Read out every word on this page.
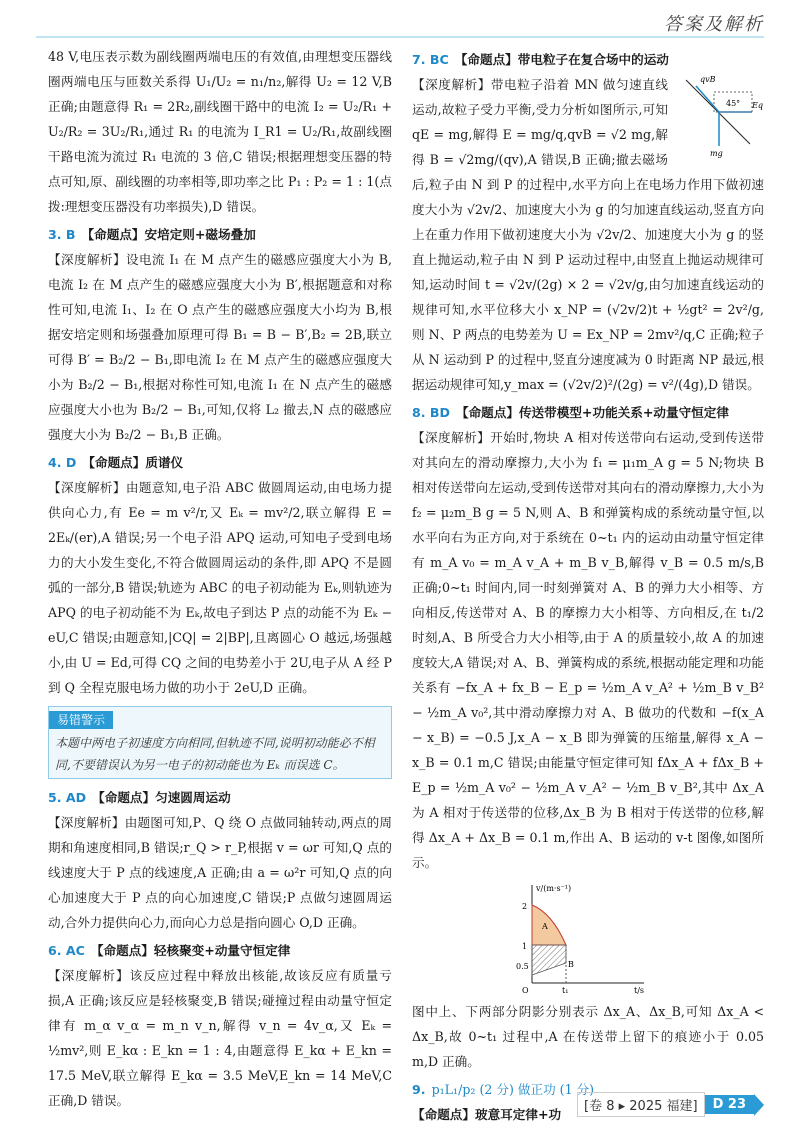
答案及解析

48 V,电压表示数为副线圈两端电压的有效值,由理想变压器线圈两端电压与匝数关系得 U₁/U₂ = n₁/n₂,解得 U₂ = 12 V,B 正确;由题意得 R₁ = 2R₂,副线圈干路中的电流 I₂ = U₂/R₁ + U₂/R₂ = 3U₂/R₁,通过 R₁ 的电流为 I_R1 = U₂/R₁,故副线圈干路电流为流过 R₁ 电流的 3 倍,C 错误;根据理想变压器的特点可知,原、副线圈的功率相等,即功率之比 P₁ : P₂ = 1 : 1(点拨:理想变压器没有功率损失),D 错误。

3. B 【命题点】安培定则+磁场叠加

【深度解析】设电流 I₁ 在 M 点产生的磁感应强度大小为 B,电流 I₂ 在 M 点产生的磁感应强度大小为 B′,根据题意和对称性可知,电流 I₁、I₂ 在 O 点产生的磁感应强度大小均为 B,根据安培定则和场强叠加原理可得 B₁ = B − B′,B₂ = 2B,联立可得 B′ = B₂/2 − B₁,即电流 I₂ 在 M 点产生的磁感应强度大小为 B₂/2 − B₁,根据对称性可知,电流 I₁ 在 N 点产生的磁感应强度大小也为 B₂/2 − B₁,可知,仅将 L₂ 撤去,N 点的磁感应强度大小为 B₂/2 − B₁,B 正确。

4. D 【命题点】质谱仪

【深度解析】由题意知,电子沿 ABC 做圆周运动,由电场力提供向心力,有 Ee = m v²/r,又 Eₖ = mv²/2,联立解得 E = 2Eₖ/(er),A 错误;另一个电子沿 APQ 运动,可知电子受到电场力的大小发生变化,不符合做圆周运动的条件,即 APQ 不是圆弧的一部分,B 错误;轨迹为 ABC 的电子初动能为 Eₖ,则轨迹为 APQ 的电子初动能不为 Eₖ,故电子到达 P 点的动能不为 Eₖ − eU,C 错误;由题意知,|CQ| = 2|BP|,且离圆心 O 越远,场强越小,由 U = Ed,可得 CQ 之间的电势差小于 2U,电子从 A 经 P 到 Q 全程克服电场力做的功小于 2eU,D 正确。

易错警示
本题中两电子初速度方向相同,但轨迹不同,说明初动能必不相同,不要错误认为另一电子的初动能也为 Eₖ 而误选 C。
5. AD 【命题点】匀速圆周运动

【深度解析】由题图可知,P、Q 绕 O 点做同轴转动,两点的周期和角速度相同,B 错误;r_Q > r_P,根据 v = ωr 可知,Q 点的线速度大于 P 点的线速度,A 正确;由 a = ω²r 可知,Q 点的向心加速度大于 P 点的向心加速度,C 错误;P 点做匀速圆周运动,合外力提供向心力,而向心力总是指向圆心 O,D 正确。

6. AC 【命题点】轻核聚变+动量守恒定律

【深度解析】该反应过程中释放出核能,故该反应有质量亏损,A 正确;该反应是轻核聚变,B 错误;碰撞过程由动量守恒定律有 m_α v_α = m_n v_n,解得 v_n = 4v_α,又 Eₖ = ½mv²,则 E_kα : E_kn = 1 : 4,由题意得 E_kα + E_kn = 17.5 MeV,联立解得 E_kα = 3.5 MeV,E_kn = 14 MeV,C 正确,D 错误。

7. BC 【命题点】带电粒子在复合场中的运动
qvB
45° Eq
mg

【深度解析】带电粒子沿着 MN 做匀速直线运动,故粒子受力平衡,受力分析如图所示,可知 qE = mg,解得 E = mg/q,qvB = √2 mg,解得 B = √2mg/(qv),A 错误,B 正确;撤去磁场后,粒子由 N 到 P 的过程中,水平方向上在电场力作用下做初速度大小为 √2v/2、加速度大小为 g 的匀加速直线运动,竖直方向上在重力作用下做初速度大小为 √2v/2、加速度大小为 g 的竖直上抛运动,粒子由 N 到 P 运动过程中,由竖直上抛运动规律可知,运动时间 t = √2v/(2g) × 2 = √2v/g,由匀加速直线运动的规律可知,水平位移大小 x_NP = (√2v/2)t + ½gt² = 2v²/g,则 N、P 两点的电势差为 U = Ex_NP = 2mv²/q,C 正确;粒子从 N 运动到 P 的过程中,竖直分速度减为 0 时距离 NP 最远,根据运动规律可知,y_max = (√2v/2)²/(2g) = v²/(4g),D 错误。

8. BD 【命题点】传送带模型+功能关系+动量守恒定律

【深度解析】开始时,物块 A 相对传送带向右运动,受到传送带对其向左的滑动摩擦力,大小为 f₁ = μ₁m_A g = 5 N;物块 B 相对传送带向左运动,受到传送带对其向右的滑动摩擦力,大小为 f₂ = μ₂m_B g = 5 N,则 A、B 和弹簧构成的系统动量守恒,以水平向右为正方向,对于系统在 0~t₁ 内的运动由动量守恒定律有 m_A v₀ = m_A v_A + m_B v_B,解得 v_B = 0.5 m/s,B 正确;0~t₁ 时间内,同一时刻弹簧对 A、B 的弹力大小相等、方向相反,传送带对 A、B 的摩擦力大小相等、方向相反,在 t₁/2 时刻,A、B 所受合力大小相等,由于 A 的质量较小,故 A 的加速度较大,A 错误;对 A、B、弹簧构成的系统,根据动能定理和功能关系有 −fx_A + fx_B − E_p = ½m_A v_A² + ½m_B v_B² − ½m_A v₀²,其中滑动摩擦力对 A、B 做功的代数和 −f(x_A − x_B) = −0.5 J,x_A − x_B 即为弹簧的压缩量,解得 x_A − x_B = 0.1 m,C 错误;由能量守恒定律可知 fΔx_A + fΔx_B + E_p = ½m_A v₀² − ½m_A v_A² − ½m_B v_B²,其中 Δx_A 为 A 相对于传送带的位移,Δx_B 为 B 相对于传送带的位移,解得 Δx_A + Δx_B = 0.1 m,作出 A、B 运动的 v-t 图像,如图所示。

v/(m·s⁻¹)
t/s
2
1
0.5
O	t₁
A
B

图中上、下两部分阴影分别表示 Δx_A、Δx_B,可知 Δx_A < Δx_B,故 0~t₁ 过程中,A 在传送带上留下的痕迹小于 0.05 m,D 正确。

9. p₁L₁/p₂ (2 分) 做正功 (1 分)

【命题点】玻意耳定律+功

[卷 8 ▸ 2025 福建]	D 23
